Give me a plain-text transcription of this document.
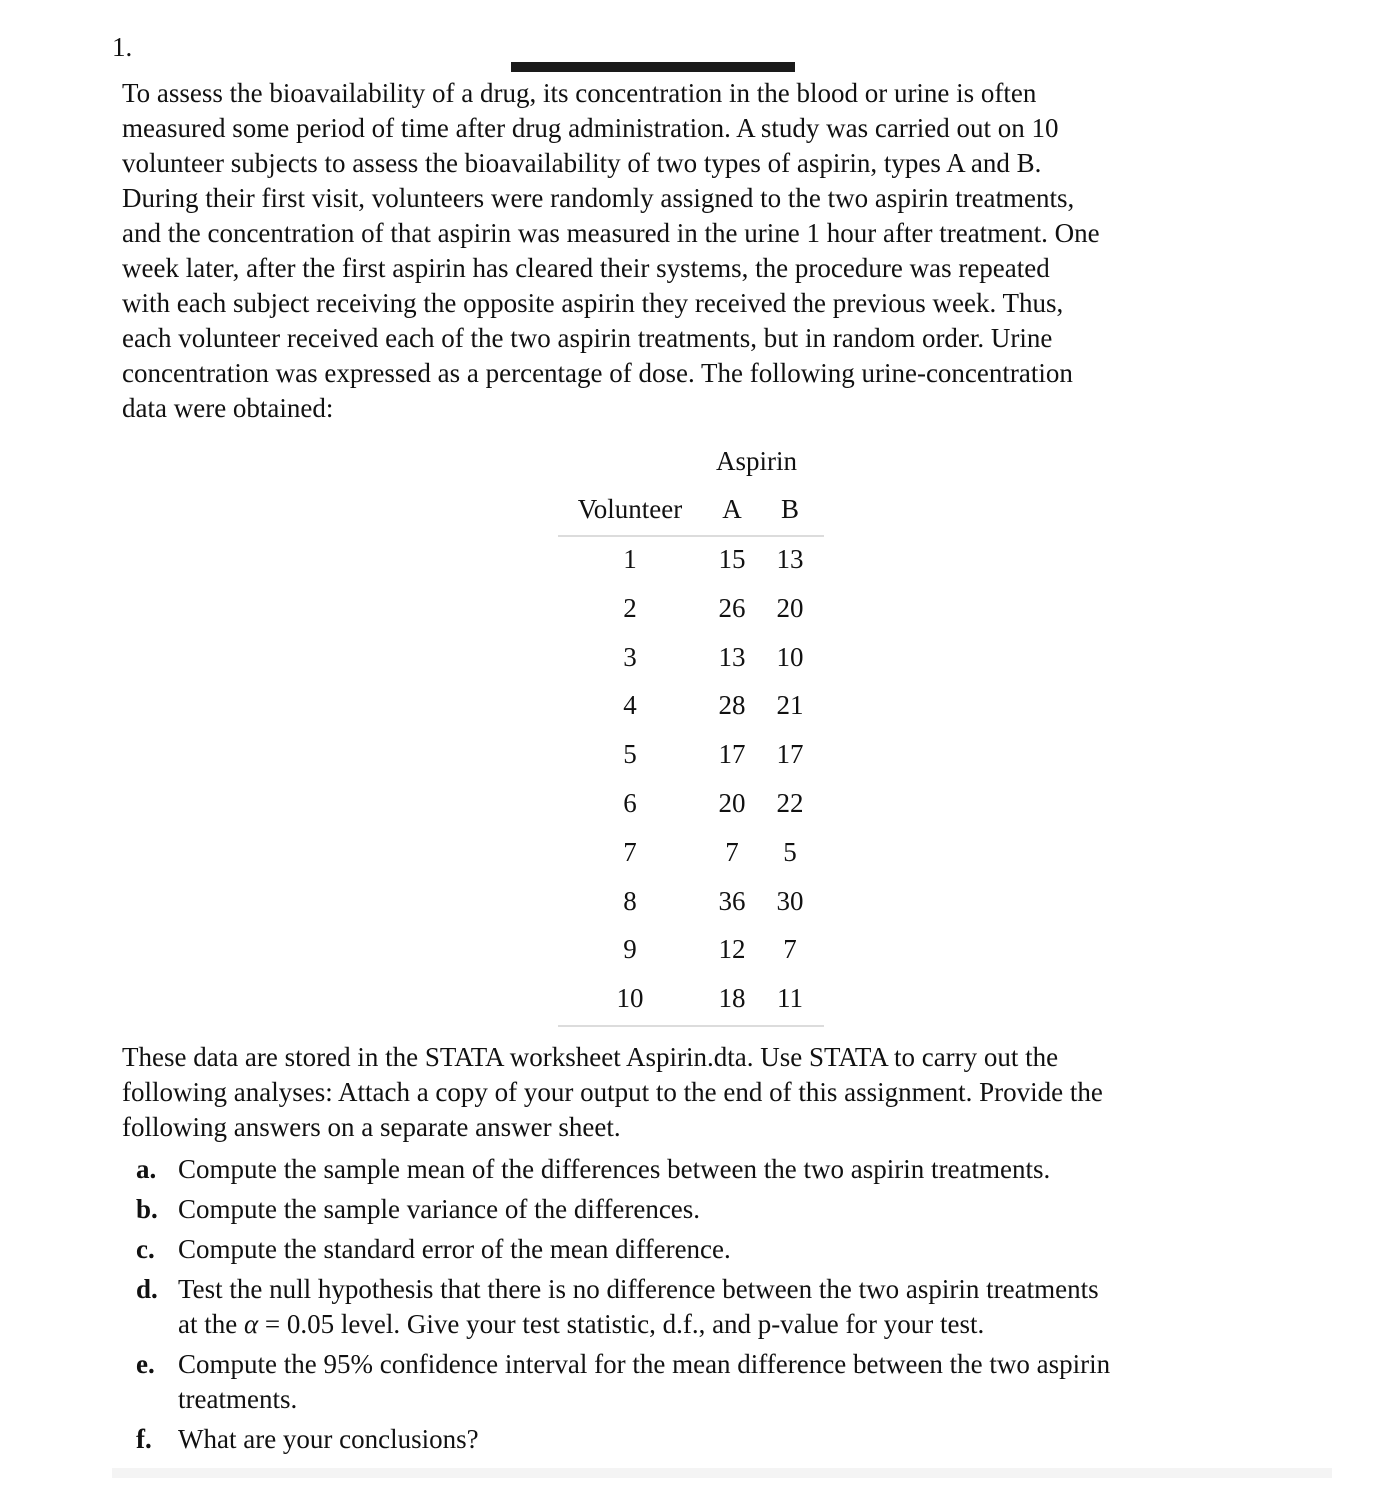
1.
To assess the bioavailability of a drug, its concentration in the blood or urine is often
measured some period of time after drug administration. A study was carried out on 10
volunteer subjects to assess the bioavailability of two types of aspirin, types A and B.
During their first visit, volunteers were randomly assigned to the two aspirin treatments,
and the concentration of that aspirin was measured in the urine 1 hour after treatment. One
week later, after the first aspirin has cleared their systems, the procedure was repeated
with each subject receiving the opposite aspirin they received the previous week. Thus,
each volunteer received each of the two aspirin treatments, but in random order. Urine
concentration was expressed as a percentage of dose. The following urine-concentration
data were obtained:
Aspirin
Volunteer	A	B
1	15 13
2	26 20
3	13 10
4	28 21
5	17 17
6	20 22
7	7	5
8	36 30
9	12	7
10	18 11
These data are stored in the STATA worksheet Aspirin.dta. Use STATA to carry out the
following analyses: Attach a copy of your output to the end of this assignment. Provide the
following answers on a separate answer sheet.
a. Compute the sample mean of the differences between the two aspirin treatments.
b. Compute the sample variance of the differences.
c. Compute the standard error of the mean difference.
d. Test the null hypothesis that there is no difference between the two aspirin treatments
at the α = 0.05 level. Give your test statistic, d.f., and p-value for your test.
e. Compute the 95% confidence interval for the mean difference between the two aspirin
treatments.
f. What are your conclusions?
